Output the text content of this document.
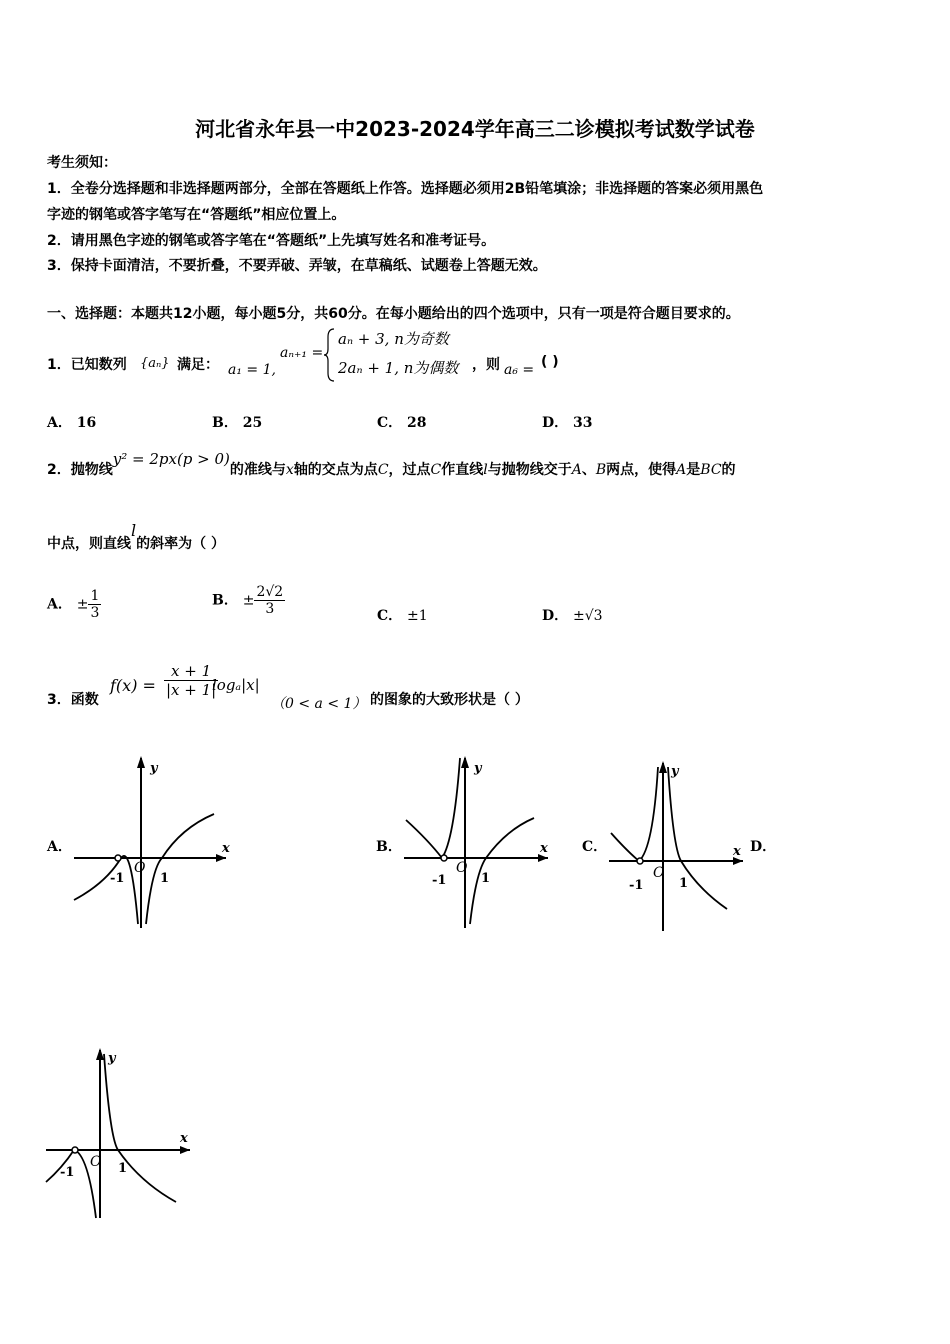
河北省永年县一中2023-2024学年高三二诊模拟考试数学试卷
考生须知：
1．全卷分选择题和非选择题两部分，全部在答题纸上作答。选择题必须用2B铅笔填涂；非选择题的答案必须用黑色
字迹的钢笔或答字笔写在“答题纸”相应位置上。
2．请用黑色字迹的钢笔或答字笔在“答题纸”上先填写姓名和准考证号。
3．保持卡面清洁，不要折叠，不要弄破、弄皱，在草稿纸、试题卷上答题无效。
一、选择题：本题共12小题，每小题5分，共60分。在每小题给出的四个选项中，只有一项是符合题目要求的。
1．已知数列 {aₙ} 满足： a₁ = 1,
aₙ₊₁ =
aₙ + 3, n为奇数
2aₙ + 1, n为偶数 ，则 a₆ = ( )
A． 16	B． 25	C． 28	D． 33
2．抛物线y² = 2px(p > 0)的准线与x轴的交点为点C，过点C作直线l与抛物线交于A、B两点，使得A是BC的
中点，则直线l的斜率为（ ）
A． ± $\frac{1}{3}$	B． ± $\frac{2√2}{3}$	C． ±1	D． ±√3
3．函数
$f(x) = \frac{x + 1}{|x + 1|}$
logₐ|x|
（0 < a < 1） 的图象的大致形状是（ ）
A．
y
x
-1
O
1
B．
y
x
-1
O
1
C．
y
x
-1
O
1
D．
y
x
-1
O 1
